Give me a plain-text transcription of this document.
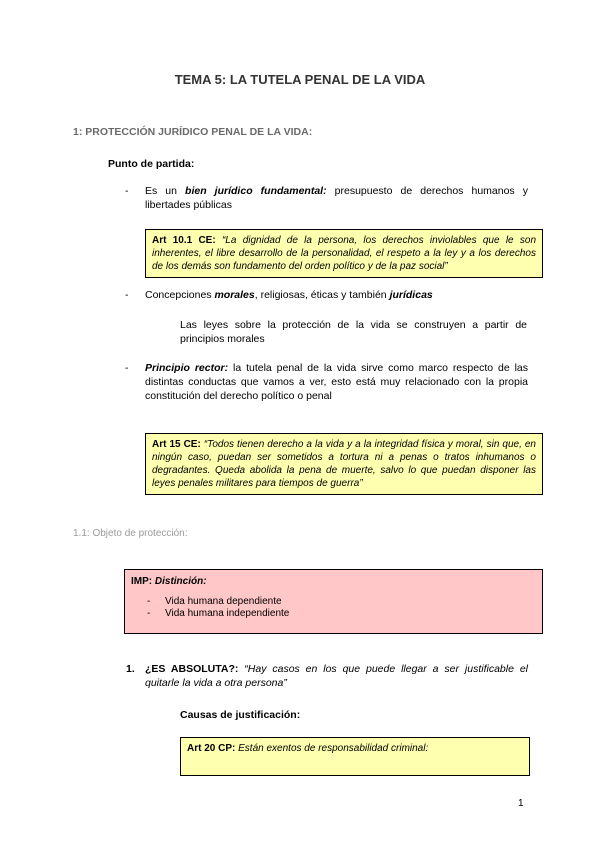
TEMA 5: LA TUTELA PENAL DE LA VIDA
1: PROTECCIÓN JURÍDICO PENAL DE LA VIDA:
Punto de partida:
- Es un bien jurídico fundamental: presupuesto de derechos humanos y libertades públicas
Art 10.1 CE: “La dignidad de la persona, los derechos inviolables que le son inherentes, el libre desarrollo de la personalidad, el respeto a la ley y a los derechos de los demás son fundamento del orden político y de la paz social”
- Concepciones morales, religiosas, éticas y también jurídicas
Las leyes sobre la protección de la vida se construyen a partir de principios morales
- Principio rector: la tutela penal de la vida sirve como marco respecto de las distintas conductas que vamos a ver, esto está muy relacionado con la propia constitución del derecho político o penal
Art 15 CE: “Todos tienen derecho a la vida y a la integridad física y moral, sin que, en ningún caso, puedan ser sometidos a tortura ni a penas o tratos inhumanos o degradantes. Queda abolida la pena de muerte, salvo lo que puedan disponer las leyes penales militares para tiempos de guerra”
1.1: Objeto de protección:
IMP: Distinción:
- Vida humana dependiente
- Vida humana independiente
1. ¿ES ABSOLUTA?: “Hay casos en los que puede llegar a ser justificable el quitarle la vida a otra persona”
Causas de justificación:
Art 20 CP: Están exentos de responsabilidad criminal:
1
